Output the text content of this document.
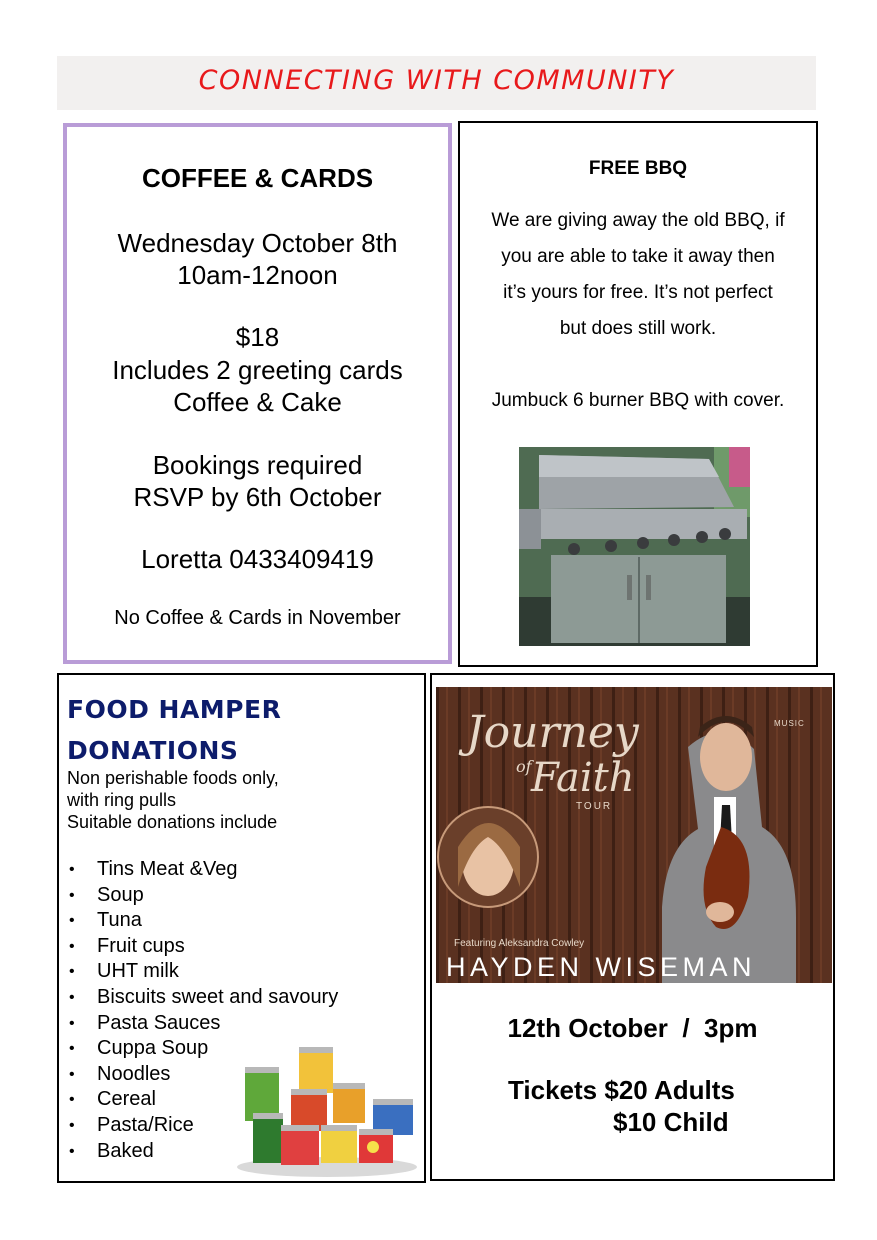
CONNECTING WITH COMMUNITY
COFFEE & CARDS
Wednesday October 8th
10am-12noon
$18
Includes 2 greeting cards
Coffee & Cake
Bookings required
RSVP by 6th October
Loretta 0433409419
No Coffee & Cards in November
FREE BBQ
We are giving away the old BBQ, if
you are able to take it away then
it’s yours for free. It’s not perfect
but does still work.
Jumbuck 6 burner BBQ with cover.
FOOD HAMPER
DONATIONS
Non perishable foods only,
with ring pulls
Suitable donations include
• Tins Meat &Veg
• Soup
• Tuna
• Fruit cups
• UHT milk
• Biscuits sweet and savoury
• Pasta Sauces
• Cuppa Soup
• Noodles
• Cereal
• Pasta/Rice
• Baked
Journey
of Faith
TOUR
MUSIC
Featuring Aleksandra Cowley
HAYDEN WISEMAN
12th October  /  3pm
Tickets $20 Adults
$10 Child
